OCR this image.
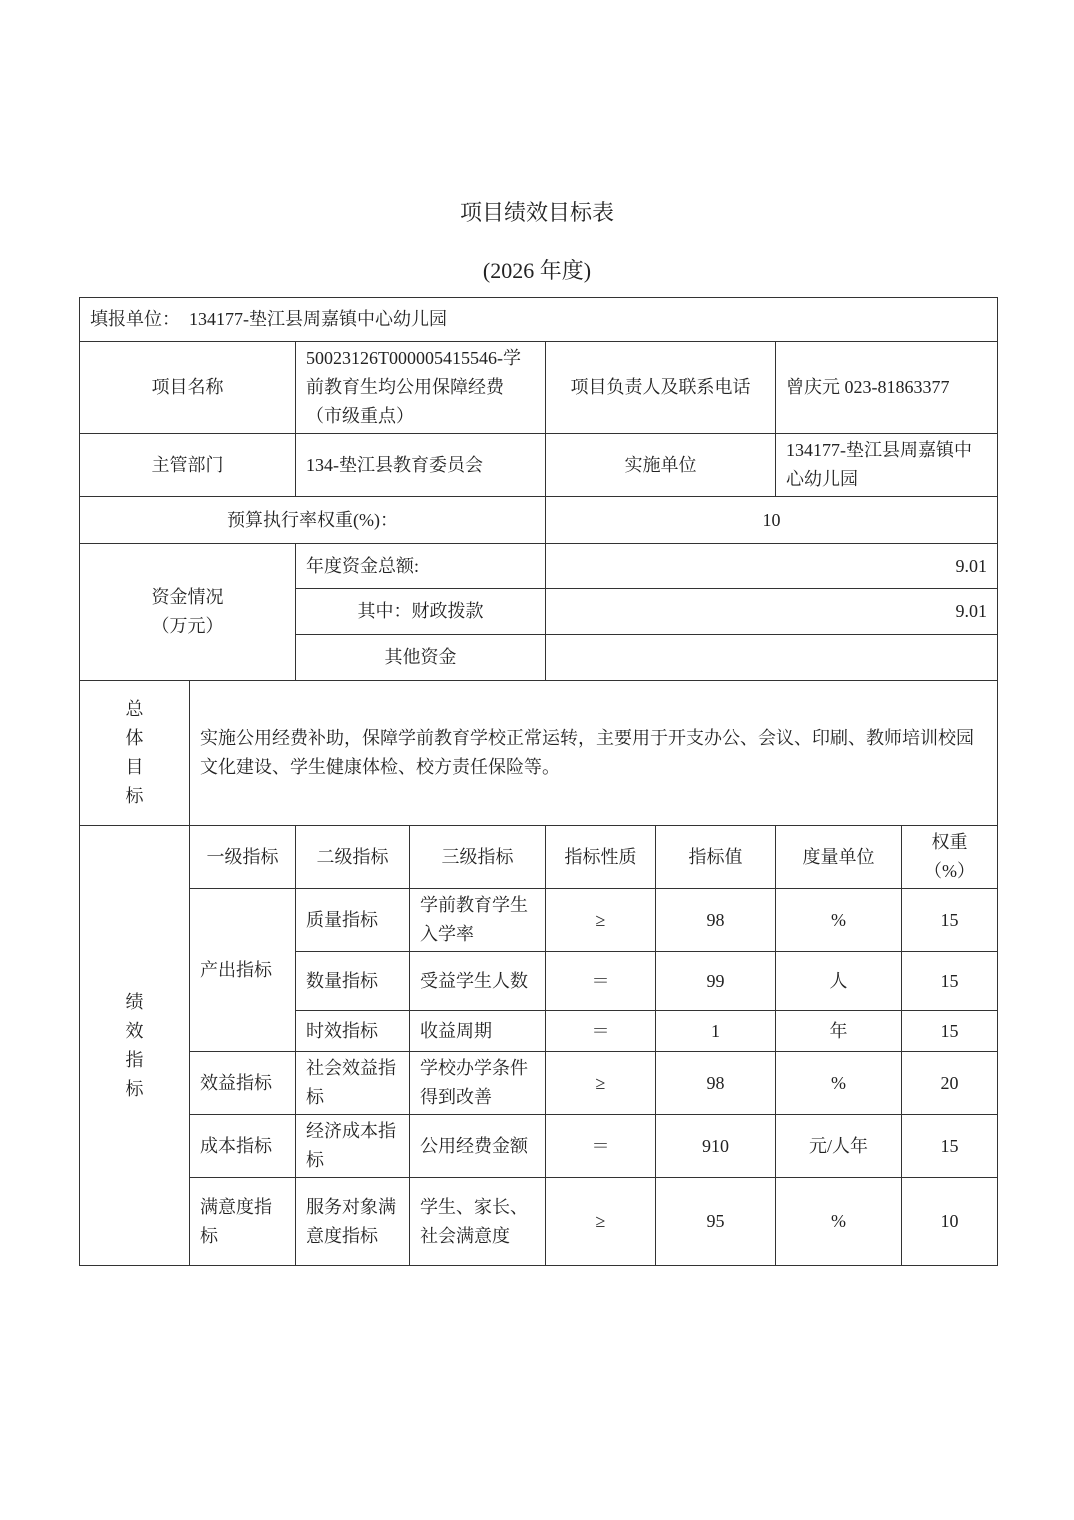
项目绩效目标表
(2026 年度)
填报单位：　134177-垫江县周嘉镇中心幼儿园							
项目名称		50023126T000005415546-学前教育生均公用保障经费（市级重点）		项目负责人及联系电话		曾庆元 023-81863377	
主管部门		134-垫江县教育委员会		实施单位		134177-垫江县周嘉镇中心幼儿园	
预算执行率权重(%)：				10			

资金情况
（万元）		年度资金总额:		9.01			
		其中：财政拨款		9.01			
		其他资金					

总
体
目
标	实施公用经费补助，保障学前教育学校正常运转，主要用于开支办公、会议、印刷、教师培训校园文化建设、学生健康体检、校方责任保险等。						

绩
效
指
标	一级指标	二级指标	三级指标	指标性质	指标值	度量单位	权重（%）
	产出指标	质量指标	学前教育学生入学率	≥	98	%	15
		数量指标	受益学生人数	＝	99	人	15
		时效指标	收益周期	＝	1	年	15
	效益指标	社会效益指标	学校办学条件得到改善	≥	98	%	20
	成本指标	经济成本指标	公用经费金额	＝	910	元/人年	15
	满意度指标	服务对象满意度指标	学生、家长、社会满意度	≥	95	%	10
